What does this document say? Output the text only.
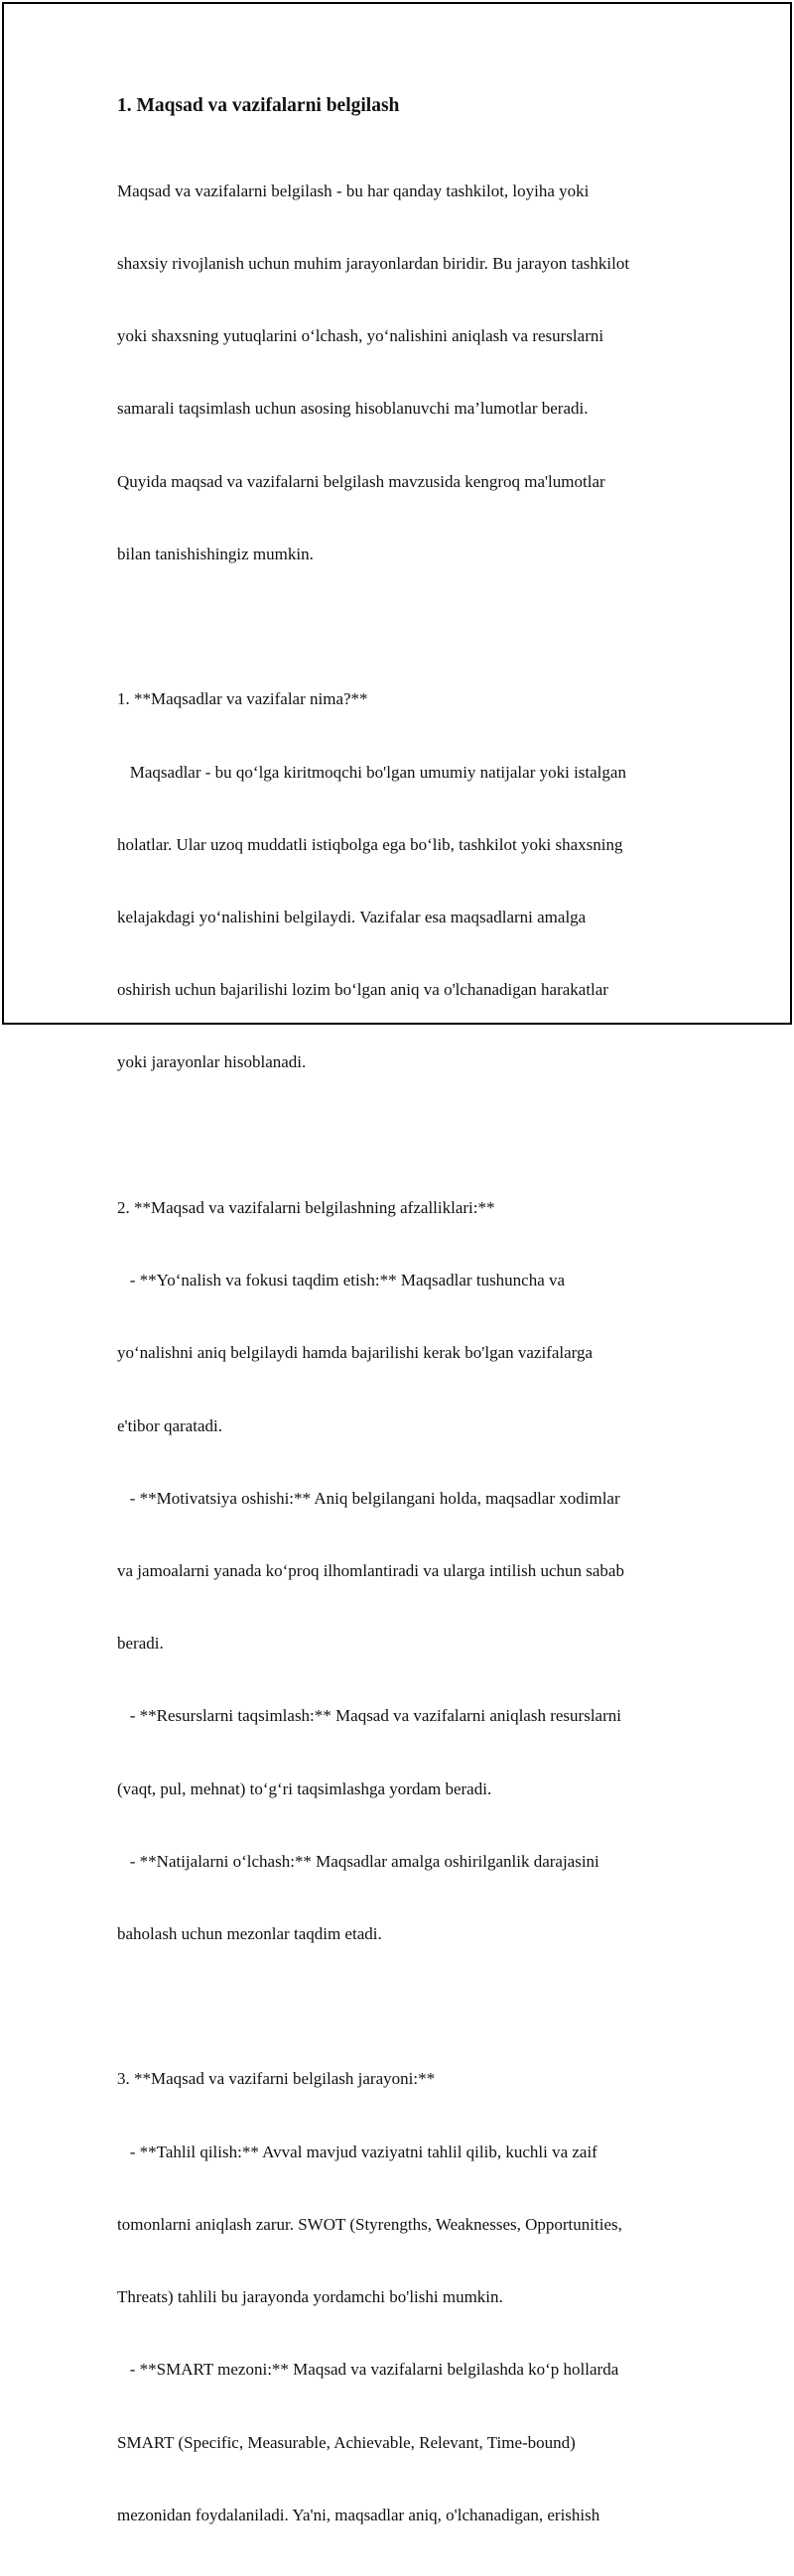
1. Maqsad va vazifalarni belgilash

Maqsad va vazifalarni belgilash - bu har qanday tashkilot, loyiha yoki

shaxsiy rivojlanish uchun muhim jarayonlardan biridir. Bu jarayon tashkilot

yoki shaxsning yutuqlarini o‘lchash, yo‘nalishini aniqlash va resurslarni

samarali taqsimlash uchun asosing hisoblanuvchi ma’lumotlar beradi.

Quyida maqsad va vazifalarni belgilash mavzusida kengroq ma'lumotlar

bilan tanishishingiz mumkin.

1. **Maqsadlar va vazifalar nima?**

Maqsadlar - bu qo‘lga kiritmoqchi bo'lgan umumiy natijalar yoki istalgan

holatlar. Ular uzoq muddatli istiqbolga ega bo‘lib, tashkilot yoki shaxsning

kelajakdagi yo‘nalishini belgilaydi. Vazifalar esa maqsadlarni amalga

oshirish uchun bajarilishi lozim bo‘lgan aniq va o'lchanadigan harakatlar

yoki jarayonlar hisoblanadi.

2. **Maqsad va vazifalarni belgilashning afzalliklari:**

- **Yo‘nalish va fokusi taqdim etish:** Maqsadlar tushuncha va

yo‘nalishni aniq belgilaydi hamda bajarilishi kerak bo'lgan vazifalarga

e'tibor qaratadi.

- **Motivatsiya oshishi:** Aniq belgilangani holda, maqsadlar xodimlar

va jamoalarni yanada ko‘proq ilhomlantiradi va ularga intilish uchun sabab

beradi.

- **Resurslarni taqsimlash:** Maqsad va vazifalarni aniqlash resurslarni

(vaqt, pul, mehnat) to‘g‘ri taqsimlashga yordam beradi.

- **Natijalarni o‘lchash:** Maqsadlar amalga oshirilganlik darajasini

baholash uchun mezonlar taqdim etadi.

3. **Maqsad va vazifarni belgilash jarayoni:**

- **Tahlil qilish:** Avval mavjud vaziyatni tahlil qilib, kuchli va zaif

tomonlarni aniqlash zarur. SWOT (Styrengths, Weaknesses, Opportunities,

Threats) tahlili bu jarayonda yordamchi bo'lishi mumkin.

- **SMART mezoni:** Maqsad va vazifalarni belgilashda ko‘p hollarda

SMART (Specific, Measurable, Achievable, Relevant, Time-bound)

mezonidan foydalaniladi. Ya'ni, maqsadlar aniq, o'lchanadigan, erishish
